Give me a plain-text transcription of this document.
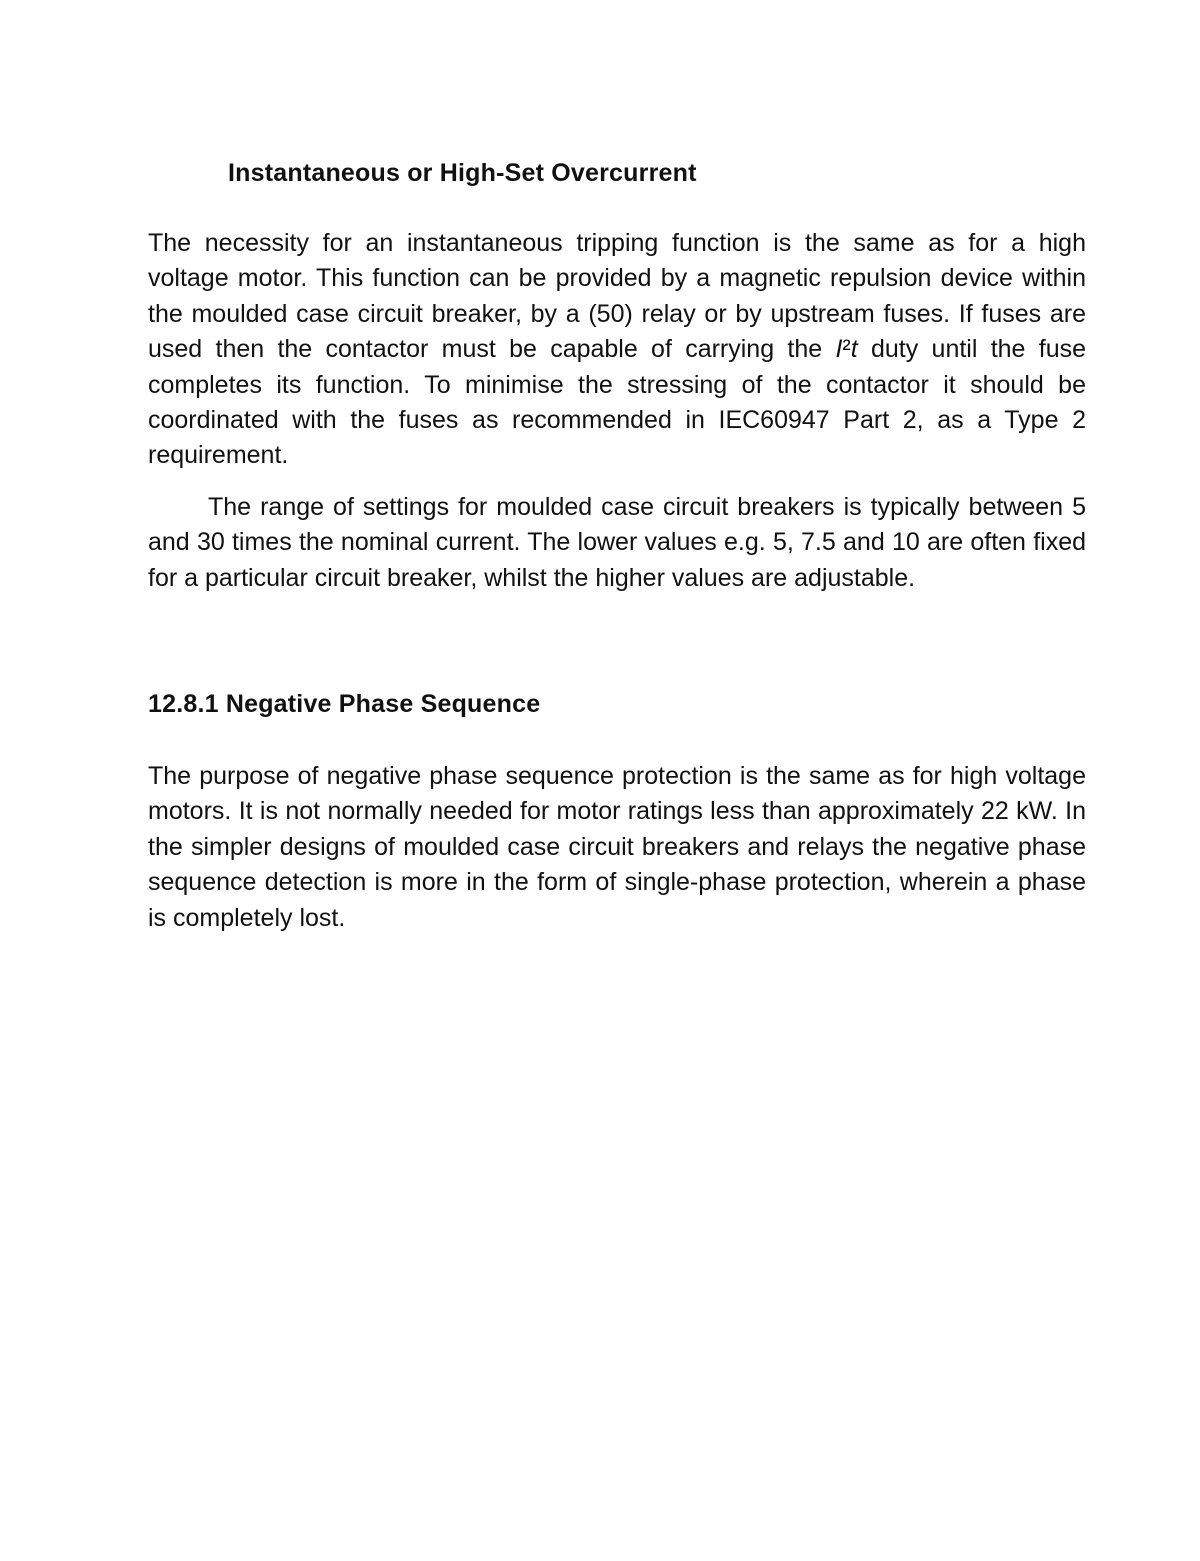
Instantaneous or High-Set Overcurrent

The necessity for an instantaneous tripping function is the same as for a high voltage motor. This function can be provided by a magnetic repulsion device within the moulded case circuit breaker, by a (50) relay or by upstream fuses. If fuses are used then the contactor must be capable of carrying the I²t duty until the fuse completes its function. To minimise the stressing of the contactor it should be coordinated with the fuses as recommended in IEC60947 Part 2, as a Type 2 requirement.

The range of settings for moulded case circuit breakers is typically between 5 and 30 times the nominal current. The lower values e.g. 5, 7.5 and 10 are often fixed for a particular circuit breaker, whilst the higher values are adjustable.

12.8.1 Negative Phase Sequence

The purpose of negative phase sequence protection is the same as for high voltage motors. It is not normally needed for motor ratings less than approximately 22 kW. In the simpler designs of moulded case circuit breakers and relays the negative phase sequence detection is more in the form of single-phase protection, wherein a phase is completely lost.
